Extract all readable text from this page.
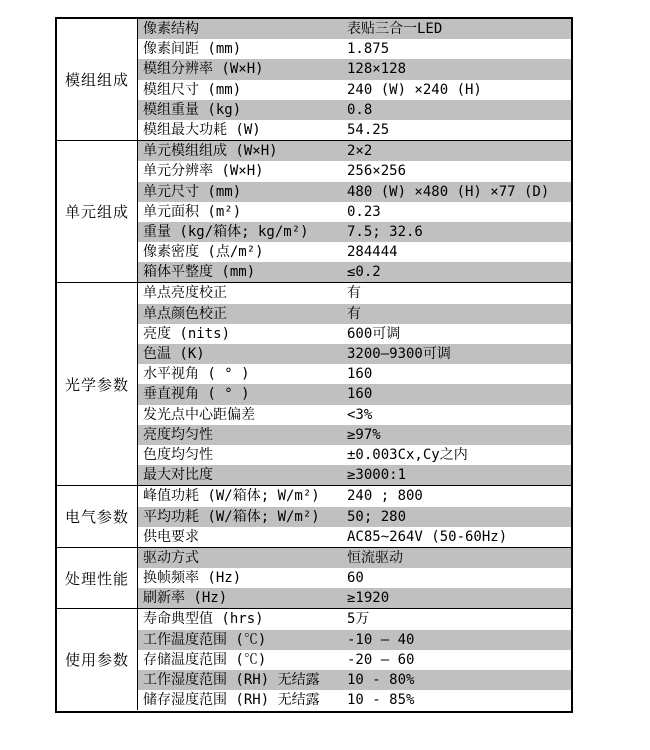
模组组成
像素结构	表贴三合一LED
像素间距 (mm)	1.875
模组分辨率 (W×H)	128×128
模组尺寸 (mm)	240 (W) ×240 (H)
模组重量 (kg)	0.8
模组最大功耗 (W)	54.25
单元组成
单元模组组成 (W×H)	2×2
单元分辨率 (W×H)	256×256
单元尺寸 (mm)	480 (W) ×480 (H) ×77 (D)
单元面积 (m²)	0.23
重量 (kg/箱体; kg/m²)	7.5; 32.6
像素密度 (点/m²)	284444
箱体平整度 (mm)	≤0.2
光学参数
单点亮度校正	有
单点颜色校正	有
亮度 (nits)	600可调
色温 (K)	3200—9300可调
水平视角 ( ° )	160
垂直视角 ( ° )	160
发光点中心距偏差	<3%
亮度均匀性	≥97%
色度均匀性	±0.003Cx,Cy之内
最大对比度	≥3000:1
电气参数
峰值功耗 (W/箱体; W/m²)	240 ; 800
平均功耗 (W/箱体; W/m²)	50; 280
供电要求	AC85~264V (50-60Hz)
处理性能
驱动方式	恒流驱动
换帧频率 (Hz)	60
刷新率 (Hz)	≥1920
使用参数
寿命典型值 (hrs)	5万
工作温度范围 (℃)	-10 — 40
存储温度范围 (℃)	-20 — 60
工作湿度范围 (RH) 无结露	10 - 80%
储存湿度范围 (RH) 无结露	10 - 85%
